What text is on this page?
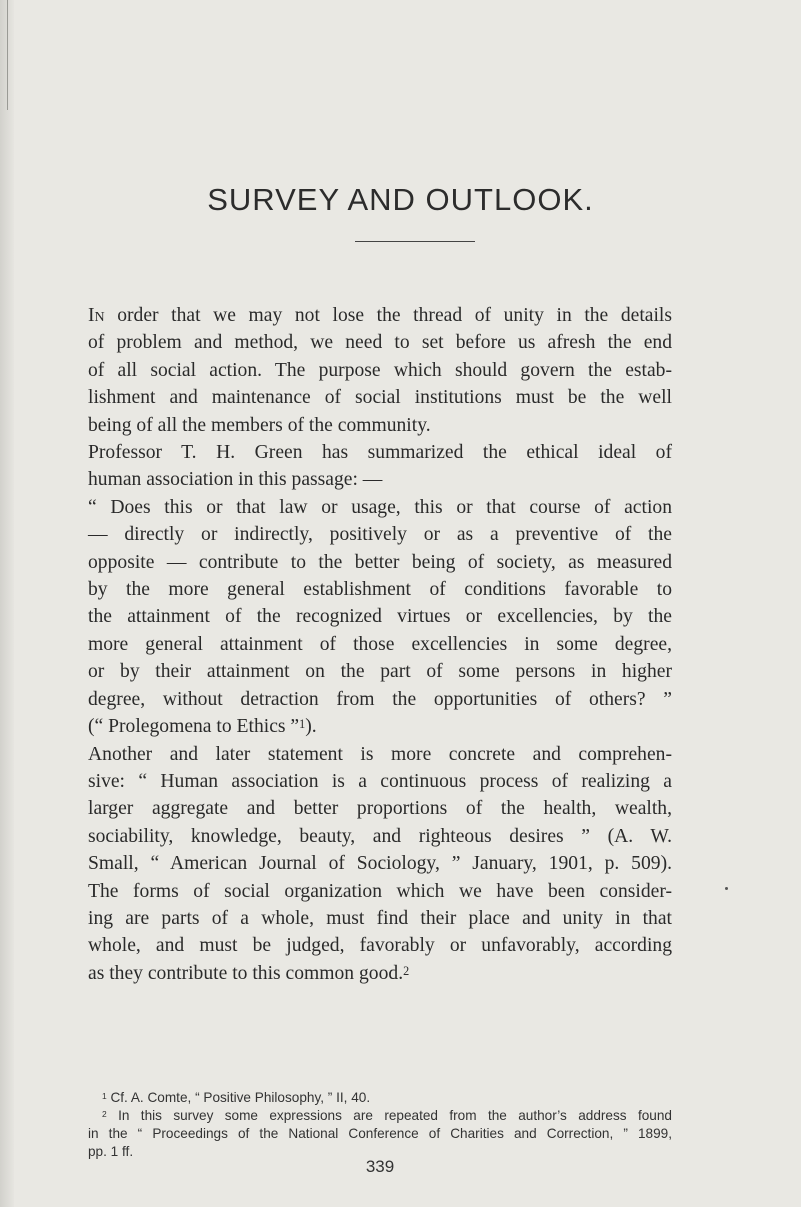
SURVEY AND OUTLOOK.
In order that we may not lose the thread of unity in the details
of problem and method, we need to set before us afresh the end
of all social action. The purpose which should govern the estab-
lishment and maintenance of social institutions must be the well
being of all the members of the community.
Professor T. H. Green has summarized the ethical ideal of
human association in this passage: —
“ Does this or that law or usage, this or that course of action
— directly or indirectly, positively or as a preventive of the
opposite — contribute to the better being of society, as measured
by the more general establishment of conditions favorable to
the attainment of the recognized virtues or excellencies, by the
more general attainment of those excellencies in some degree,
or by their attainment on the part of some persons in higher
degree, without detraction from the opportunities of others? ”
(“ Prolegomena to Ethics ”$^1$).
Another and later statement is more concrete and comprehen-
sive: “ Human association is a continuous process of realizing a
larger aggregate and better proportions of the health, wealth,
sociability, knowledge, beauty, and righteous desires ” (A. W.
Small, “ American Journal of Sociology, ” January, 1901, p. 509).
The forms of social organization which we have been consider-
ing are parts of a whole, must find their place and unity in that
whole, and must be judged, favorably or unfavorably, according
as they contribute to this common good.$^2$
$^1$ Cf. A. Comte, “ Positive Philosophy, ” II, 40.
$^2$ In this survey some expressions are repeated from the author’s address found
in the “ Proceedings of the National Conference of Charities and Correction, ” 1899,
pp. 1 ff.
339
